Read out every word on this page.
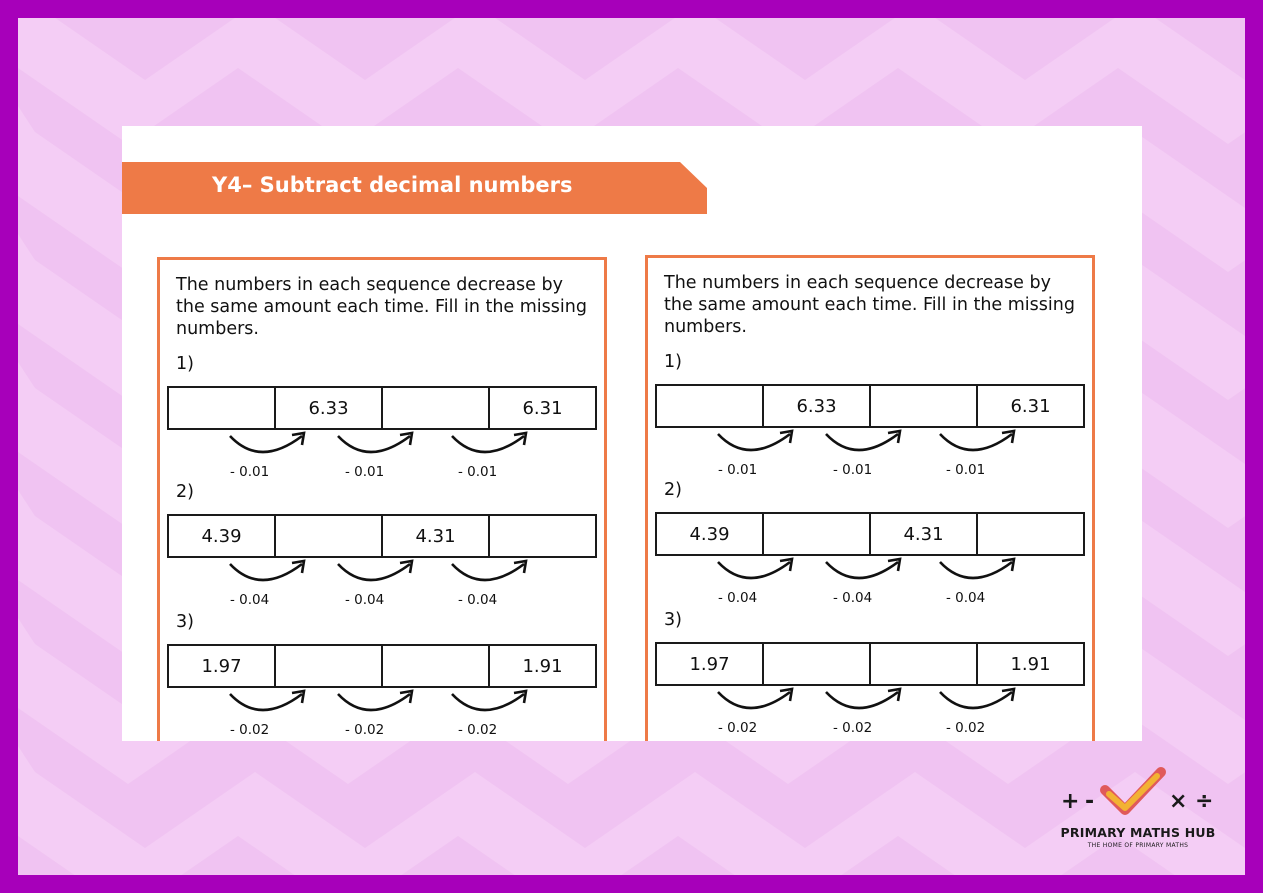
Y4– Subtract decimal numbers
The numbers in each sequence decrease by the same amount each time. Fill in the missing numbers.
1)
6.33	6.31
- 0.01	- 0.01	- 0.01
2)
4.39	4.31
- 0.04	- 0.04	- 0.04
3)
1.97	1.91
- 0.02	- 0.02	- 0.02
The numbers in each sequence decrease by the same amount each time. Fill in the missing numbers.
1)
6.33	6.31
- 0.01	- 0.01	- 0.01
2)
4.39	4.31
- 0.04	- 0.04	- 0.04
3)
1.97	1.91
- 0.02	- 0.02	- 0.02
+ -	× ÷
PRIMARY MATHS HUB
THE HOME OF PRIMARY MATHS
